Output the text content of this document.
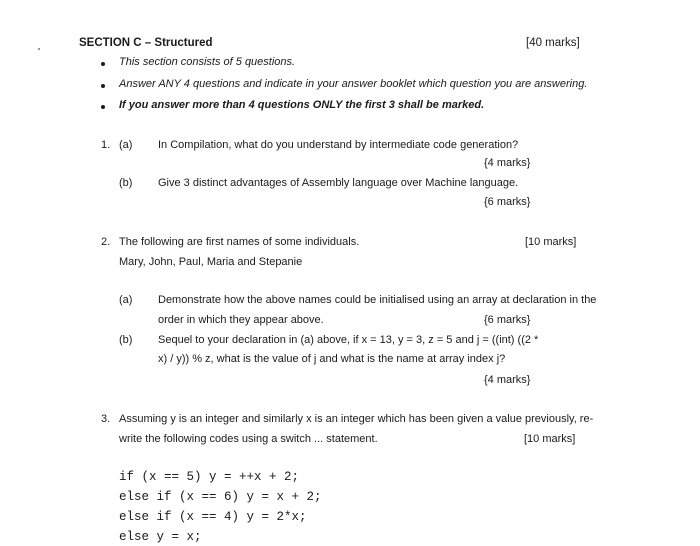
SECTION C – Structured	[40 marks]
This section consists of 5 questions.
Answer ANY 4 questions and indicate in your answer booklet which question you are answering.
If you answer more than 4 questions ONLY the first 3 shall be marked.
1. (a) In Compilation, what do you understand by intermediate code generation?
{4 marks}
(b) Give 3 distinct advantages of Assembly language over Machine language.
{6 marks}
2. The following are first names of some individuals.	[10 marks]
Mary, John, Paul, Maria and Stepanie
(a) Demonstrate how the above names could be initialised using an array at declaration in the
order in which they appear above.	{6 marks}
(b) Sequel to your declaration in (a) above, if x = 13, y = 3, z = 5 and j = ((int) ((2 *
x) / y)) % z, what is the value of j and what is the name at array index j?
{4 marks}
3. Assuming y is an integer and similarly x is an integer which has been given a value previously, re-
write the following codes using a switch ... statement.	[10 marks]
if (x == 5) y = ++x + 2;
else if (x == 6) y = x + 2;
else if (x == 4) y = 2*x;
else y = x;
